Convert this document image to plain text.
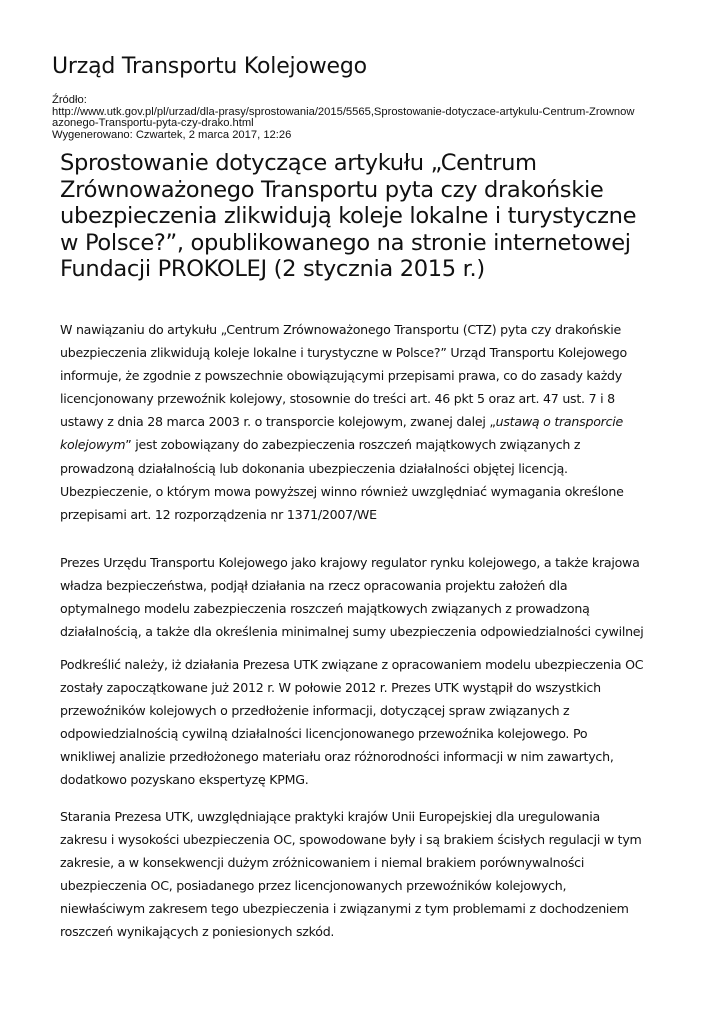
Urząd Transportu Kolejowego
Źródło:
http://www.utk.gov.pl/pl/urzad/dla-prasy/sprostowania/2015/5565,Sprostowanie-dotyczace-artykulu-Centrum-Zrownow
azonego-Transportu-pyta-czy-drako.html
Wygenerowano: Czwartek, 2 marca 2017, 12:26
Sprostowanie dotyczące artykułu „Centrum
Zrównoważonego Transportu pyta czy drakońskie
ubezpieczenia zlikwidują koleje lokalne i turystyczne
w Polsce?”, opublikowanego na stronie internetowej
Fundacji PROKOLEJ (2 stycznia 2015 r.)
W nawiązaniu do artykułu „Centrum Zrównoważonego Transportu (CTZ) pyta czy drakońskie
ubezpieczenia zlikwidują koleje lokalne i turystyczne w Polsce?” Urząd Transportu Kolejowego
informuje, że zgodnie z powszechnie obowiązującymi przepisami prawa, co do zasady każdy
licencjonowany przewoźnik kolejowy, stosownie do treści art. 46 pkt 5 oraz art. 47 ust. 7 i 8
ustawy z dnia 28 marca 2003 r. o transporcie kolejowym, zwanej dalej „ustawą o transporcie
kolejowym” jest zobowiązany do zabezpieczenia roszczeń majątkowych związanych z
prowadzoną działalnością lub dokonania ubezpieczenia działalności objętej licencją.
Ubezpieczenie, o którym mowa powyższej winno również uwzględniać wymagania określone
przepisami art. 12 rozporządzenia nr 1371/2007/WE
Prezes Urzędu Transportu Kolejowego jako krajowy regulator rynku kolejowego, a także krajowa
władza bezpieczeństwa, podjął działania na rzecz opracowania projektu założeń dla
optymalnego modelu zabezpieczenia roszczeń majątkowych związanych z prowadzoną
działalnością, a także dla określenia minimalnej sumy ubezpieczenia odpowiedzialności cywilnej
Podkreślić należy, iż działania Prezesa UTK związane z opracowaniem modelu ubezpieczenia OC
zostały zapoczątkowane już 2012 r. W połowie 2012 r. Prezes UTK wystąpił do wszystkich
przewoźników kolejowych o przedłożenie informacji, dotyczącej spraw związanych z
odpowiedzialnością cywilną działalności licencjonowanego przewoźnika kolejowego. Po
wnikliwej analizie przedłożonego materiału oraz różnorodności informacji w nim zawartych,
dodatkowo pozyskano ekspertyzę KPMG.
Starania Prezesa UTK, uwzględniające praktyki krajów Unii Europejskiej dla uregulowania
zakresu i wysokości ubezpieczenia OC, spowodowane były i są brakiem ścisłych regulacji w tym
zakresie, a w konsekwencji dużym zróżnicowaniem i niemal brakiem porównywalności
ubezpieczenia OC, posiadanego przez licencjonowanych przewoźników kolejowych,
niewłaściwym zakresem tego ubezpieczenia i związanymi z tym problemami z dochodzeniem
roszczeń wynikających z poniesionych szkód.
